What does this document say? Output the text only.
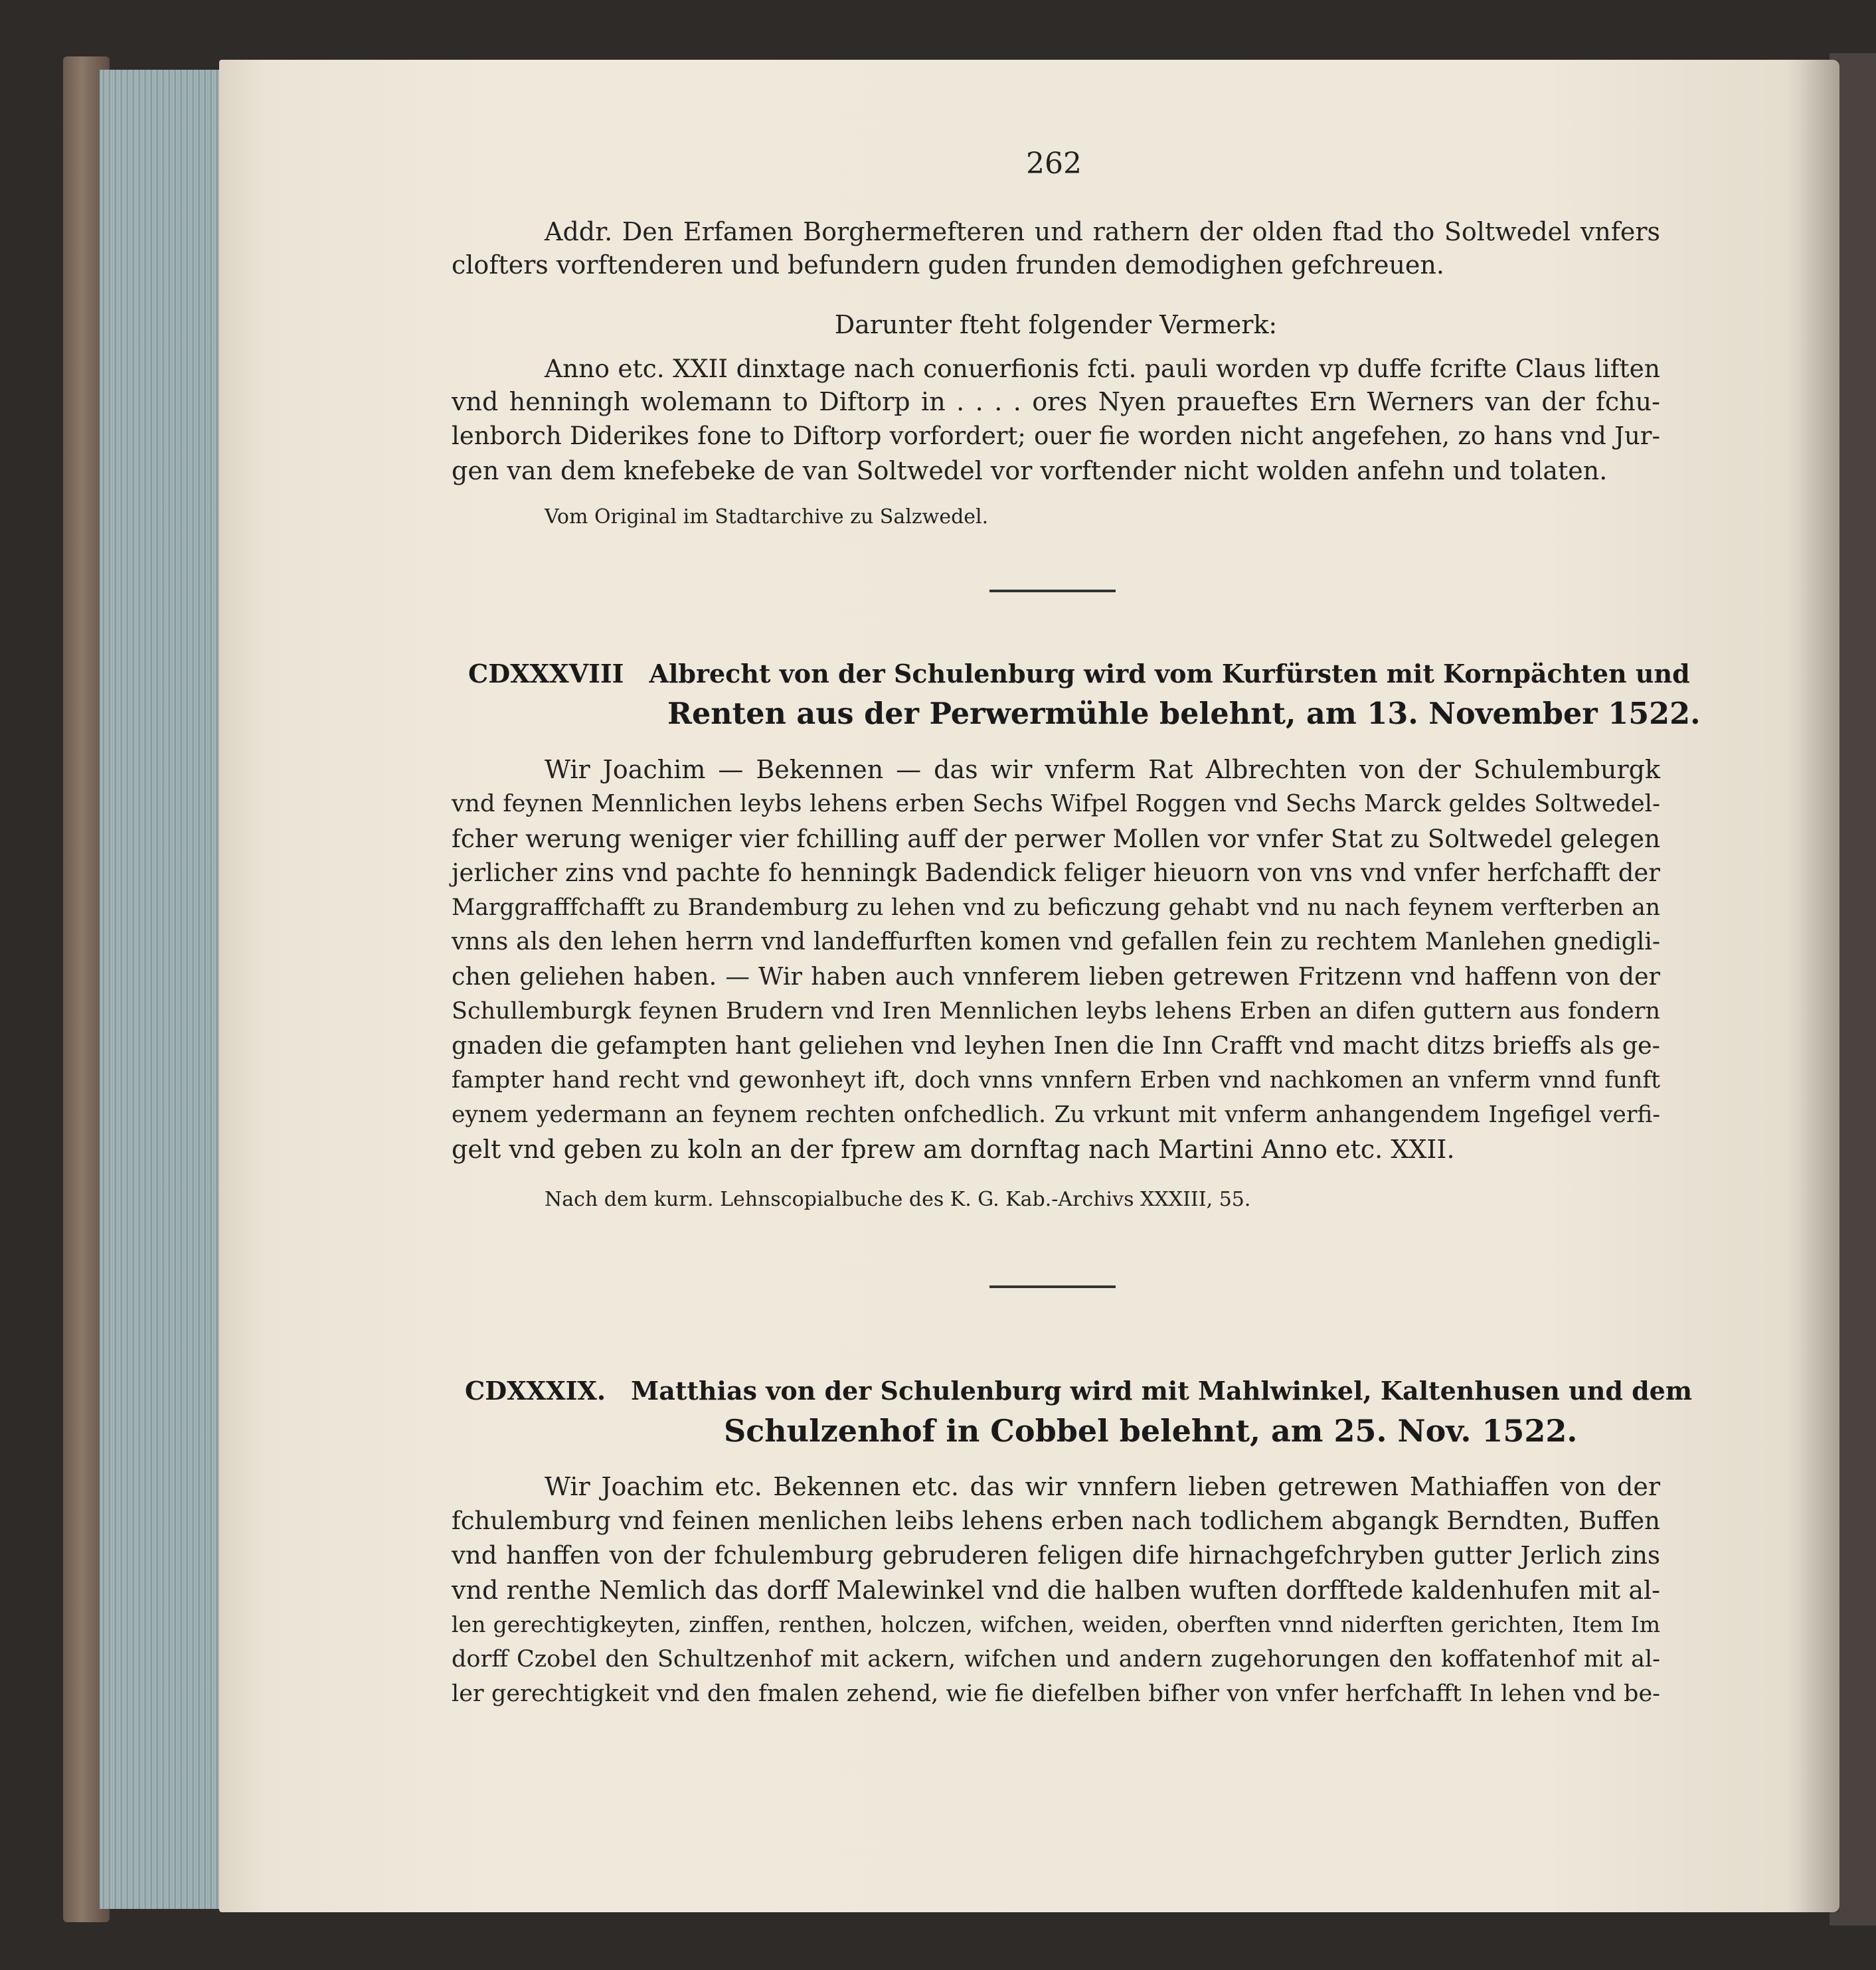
262
Addr. Den Erfamen Borghermefteren und rathern der olden ftad tho Soltwedel vnfers
clofters vorftenderen und befundern guden frunden demodighen gefchreuen.
Darunter fteht folgender Vermerk:
Anno etc. XXII dinxtage nach conuerfionis fcti. pauli worden vp duffe fcrifte Claus liften
vnd henningh wolemann to Diftorp in . . . . ores Nyen praueftes Ern Werners van der fchu-
lenborch Diderikes fone to Diftorp vorfordert; ouer fie worden nicht angefehen, zo hans vnd Jur-
gen van dem knefebeke de van Soltwedel vor vorftender nicht wolden anfehn und tolaten.
Vom Original im Stadtarchive zu Salzwedel.
CDXXXVIII Albrecht von der Schulenburg wird vom Kurfürsten mit Kornpächten und
Renten aus der Perwermühle belehnt, am 13. November 1522.
Wir Joachim — Bekennen — das wir vnferm Rat Albrechten von der Schulemburgk
vnd feynen Mennlichen leybs lehens erben Sechs Wifpel Roggen vnd Sechs Marck geldes Soltwedel-
fcher werung weniger vier fchilling auff der perwer Mollen vor vnfer Stat zu Soltwedel gelegen
jerlicher zins vnd pachte fo henningk Badendick feliger hieuorn von vns vnd vnfer herfchafft der
Marggrafffchafft zu Brandemburg zu lehen vnd zu beficzung gehabt vnd nu nach feynem verfterben an
vnns als den lehen herrn vnd landeffurften komen vnd gefallen fein zu rechtem Manlehen gnedigli-
chen geliehen haben. — Wir haben auch vnnferem lieben getrewen Fritzenn vnd haffenn von der
Schullemburgk feynen Brudern vnd Iren Mennlichen leybs lehens Erben an difen guttern aus fondern
gnaden die gefampten hant geliehen vnd leyhen Inen die Inn Crafft vnd macht ditzs brieffs als ge-
fampter hand recht vnd gewonheyt ift, doch vnns vnnfern Erben vnd nachkomen an vnferm vnnd funft
eynem yedermann an feynem rechten onfchedlich. Zu vrkunt mit vnferm anhangendem Ingefigel verfi-
gelt vnd geben zu koln an der fprew am dornftag nach Martini Anno etc. XXII.
Nach dem kurm. Lehnscopialbuche des K. G. Kab.-Archivs XXXIII, 55.
CDXXXIX. Matthias von der Schulenburg wird mit Mahlwinkel, Kaltenhusen und dem
Schulzenhof in Cobbel belehnt, am 25. Nov. 1522.
Wir Joachim etc. Bekennen etc. das wir vnnfern lieben getrewen Mathiaffen von der
fchulemburg vnd feinen menlichen leibs lehens erben nach todlichem abgangk Berndten, Buffen
vnd hanffen von der fchulemburg gebruderen feligen dife hirnachgefchryben gutter Jerlich zins
vnd renthe Nemlich das dorff Malewinkel vnd die halben wuften dorfftede kaldenhufen mit al-
len gerechtigkeyten, zinffen, renthen, holczen, wifchen, weiden, oberften vnnd niderften gerichten, Item Im
dorff Czobel den Schultzenhof mit ackern, wifchen und andern zugehorungen den koffatenhof mit al-
ler gerechtigkeit vnd den fmalen zehend, wie fie diefelben bifher von vnfer herfchafft In lehen vnd be-
